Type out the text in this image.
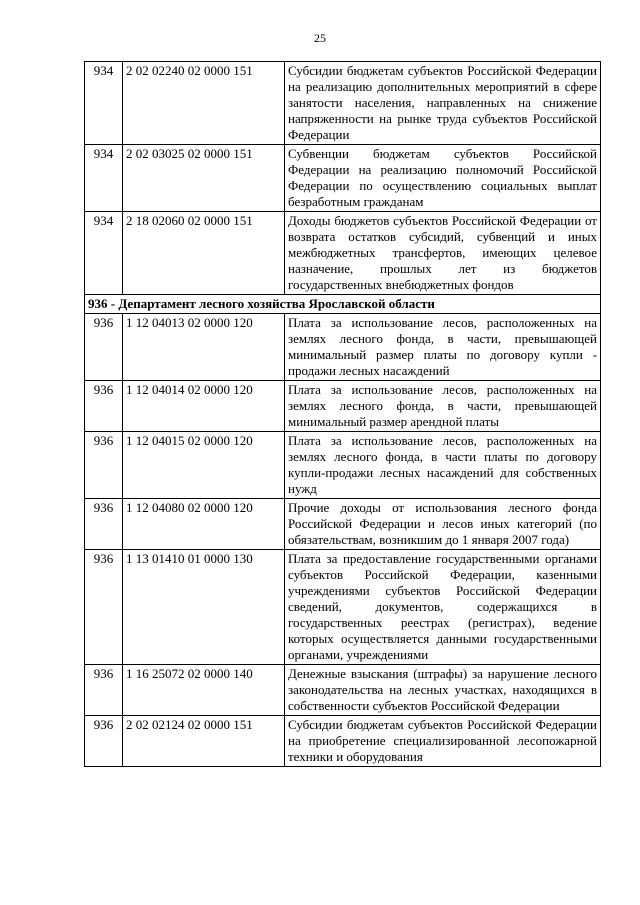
25
934	2 02 02240 02 0000 151	Субсидии бюджетам субъектов Российской Федерации на реализацию дополнительных мероприятий в сфере занятости населения, направленных на снижение напряженности на рынке труда субъектов Российской Федерации
934	2 02 03025 02 0000 151	Субвенции бюджетам субъектов Российской Федерации на реализацию полномочий Российской Федерации по осуществлению социальных выплат безработным гражданам
934	2 18 02060 02 0000 151	Доходы бюджетов субъектов Российской Федерации от возврата остатков субсидий, субвенций и иных межбюджетных трансфертов, имеющих целевое назначение, прошлых лет из бюджетов государственных внебюджетных фондов
936 - Департамент лесного хозяйства Ярославской области		
936	1 12 04013 02 0000 120	Плата за использование лесов, расположенных на землях лесного фонда, в части, превышающей минимальный размер платы по договору купли - продажи лесных насаждений
936	1 12 04014 02 0000 120	Плата за использование лесов, расположенных на землях лесного фонда, в части, превышающей минимальный размер арендной платы
936	1 12 04015 02 0000 120	Плата за использование лесов, расположенных на землях лесного фонда, в части платы по договору купли-продажи лесных насаждений для собственных нужд
936	1 12 04080 02 0000 120	Прочие доходы от использования лесного фонда Российской Федерации и лесов иных категорий (по обязательствам, возникшим до 1 января 2007 года)
936	1 13 01410 01 0000 130	Плата за предоставление государственными органами субъектов Российской Федерации, казенными учреждениями субъектов Российской Федерации сведений, документов, содержащихся в государственных реестрах (регистрах), ведение которых осуществляется данными государственными органами, учреждениями
936	1 16 25072 02 0000 140	Денежные взыскания (штрафы) за нарушение лесного законодательства на лесных участках, находящихся в собственности субъектов Российской Федерации
936	2 02 02124 02 0000 151	Субсидии бюджетам субъектов Российской Федерации на приобретение специализированной лесопожарной техники и оборудования
